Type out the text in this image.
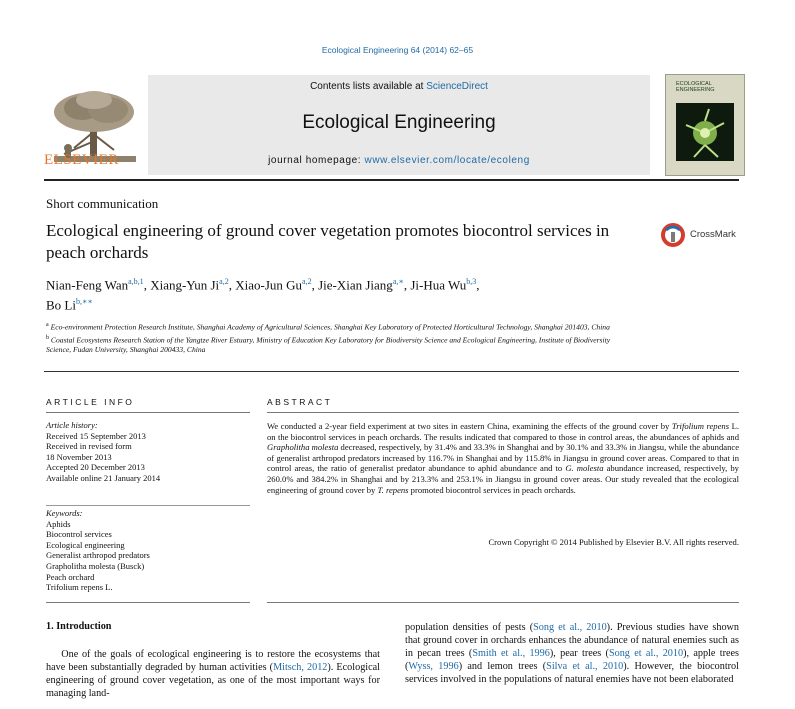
Ecological Engineering 64 (2014) 62–65
Contents lists available at ScienceDirect
Ecological Engineering
journal homepage: www.elsevier.com/locate/ecoleng
ELSEVIER
ECOLOGICAL ENGINEERING
Short communication
Ecological engineering of ground cover vegetation promotes biocontrol services in peach orchards
CrossMark
Nian-Feng Wan$^{a,b,1}$, Xiang-Yun Ji$^{a,2}$, Xiao-Jun Gu$^{a,2}$, Jie-Xian Jiang$^{a,∗}$, Ji-Hua Wu$^{b,3}$,
Bo $Li^{b,∗∗}$
$^a$ Eco-environment Protection Research Institute, Shanghai Academy of Agricultural Sciences, Shanghai Key Laboratory of Protected Horticultural Technology, Shanghai 201403, China
$^b$ Coastal Ecosystems Research Station of the Yangtze River Estuary, Ministry of Education Key Laboratory for Biodiversity Science and Ecological Engineering, Institute of Biodiversity Science, Fudan University, Shanghai 200433, China
ARTICLE INFO
Article history:
Received 15 September 2013
Received in revised form
18 November 2013
Accepted 20 December 2013
Available online 21 January 2014
Keywords:
Aphids
Biocontrol services
Ecological engineering
Generalist arthropod predators
Grapholitha molesta (Busck)
Peach orchard
Trifolium repens L.
ABSTRACT
We conducted a 2-year field experiment at two sites in eastern China, examining the effects of the ground cover by Trifolium repens L. on the biocontrol services in peach orchards. The results indicated that compared to those in control areas, the abundances of aphids and Grapholitha molesta decreased, respectively, by 31.4% and 33.3% in Shanghai and by 30.1% and 33.3% in Jiangsu, while the abundance of generalist arthropod predators increased by 116.7% in Shanghai and by 115.8% in Jiangsu in ground cover areas. Compared to that in control areas, the ratio of generalist predator abundance to aphid abundance and to G. molesta abundance increased, respectively, by 260.0% and 384.2% in Shanghai and by 213.3% and 253.1% in Jiangsu in ground cover areas. Our study revealed that the ecological engineering of ground cover by T. repens promoted biocontrol services in peach orchards.
Crown Copyright © 2014 Published by Elsevier B.V. All rights reserved.
1. Introduction
  One of the goals of ecological engineering is to restore the ecosystems that have been substantially degraded by human activities (Mitsch, 2012). Ecological engineering of ground cover vegetation, as one of the most important ways for managing land-
population densities of pests (Song et al., 2010). Previous studies have shown that ground cover in orchards enhances the abundance of natural enemies such as in pecan trees (Smith et al., 1996), pear trees (Song et al., 2010), apple trees (Wyss, 1996) and lemon trees (Silva et al., 2010). However, the biocontrol services involved in the populations of natural enemies have not been elaborated
